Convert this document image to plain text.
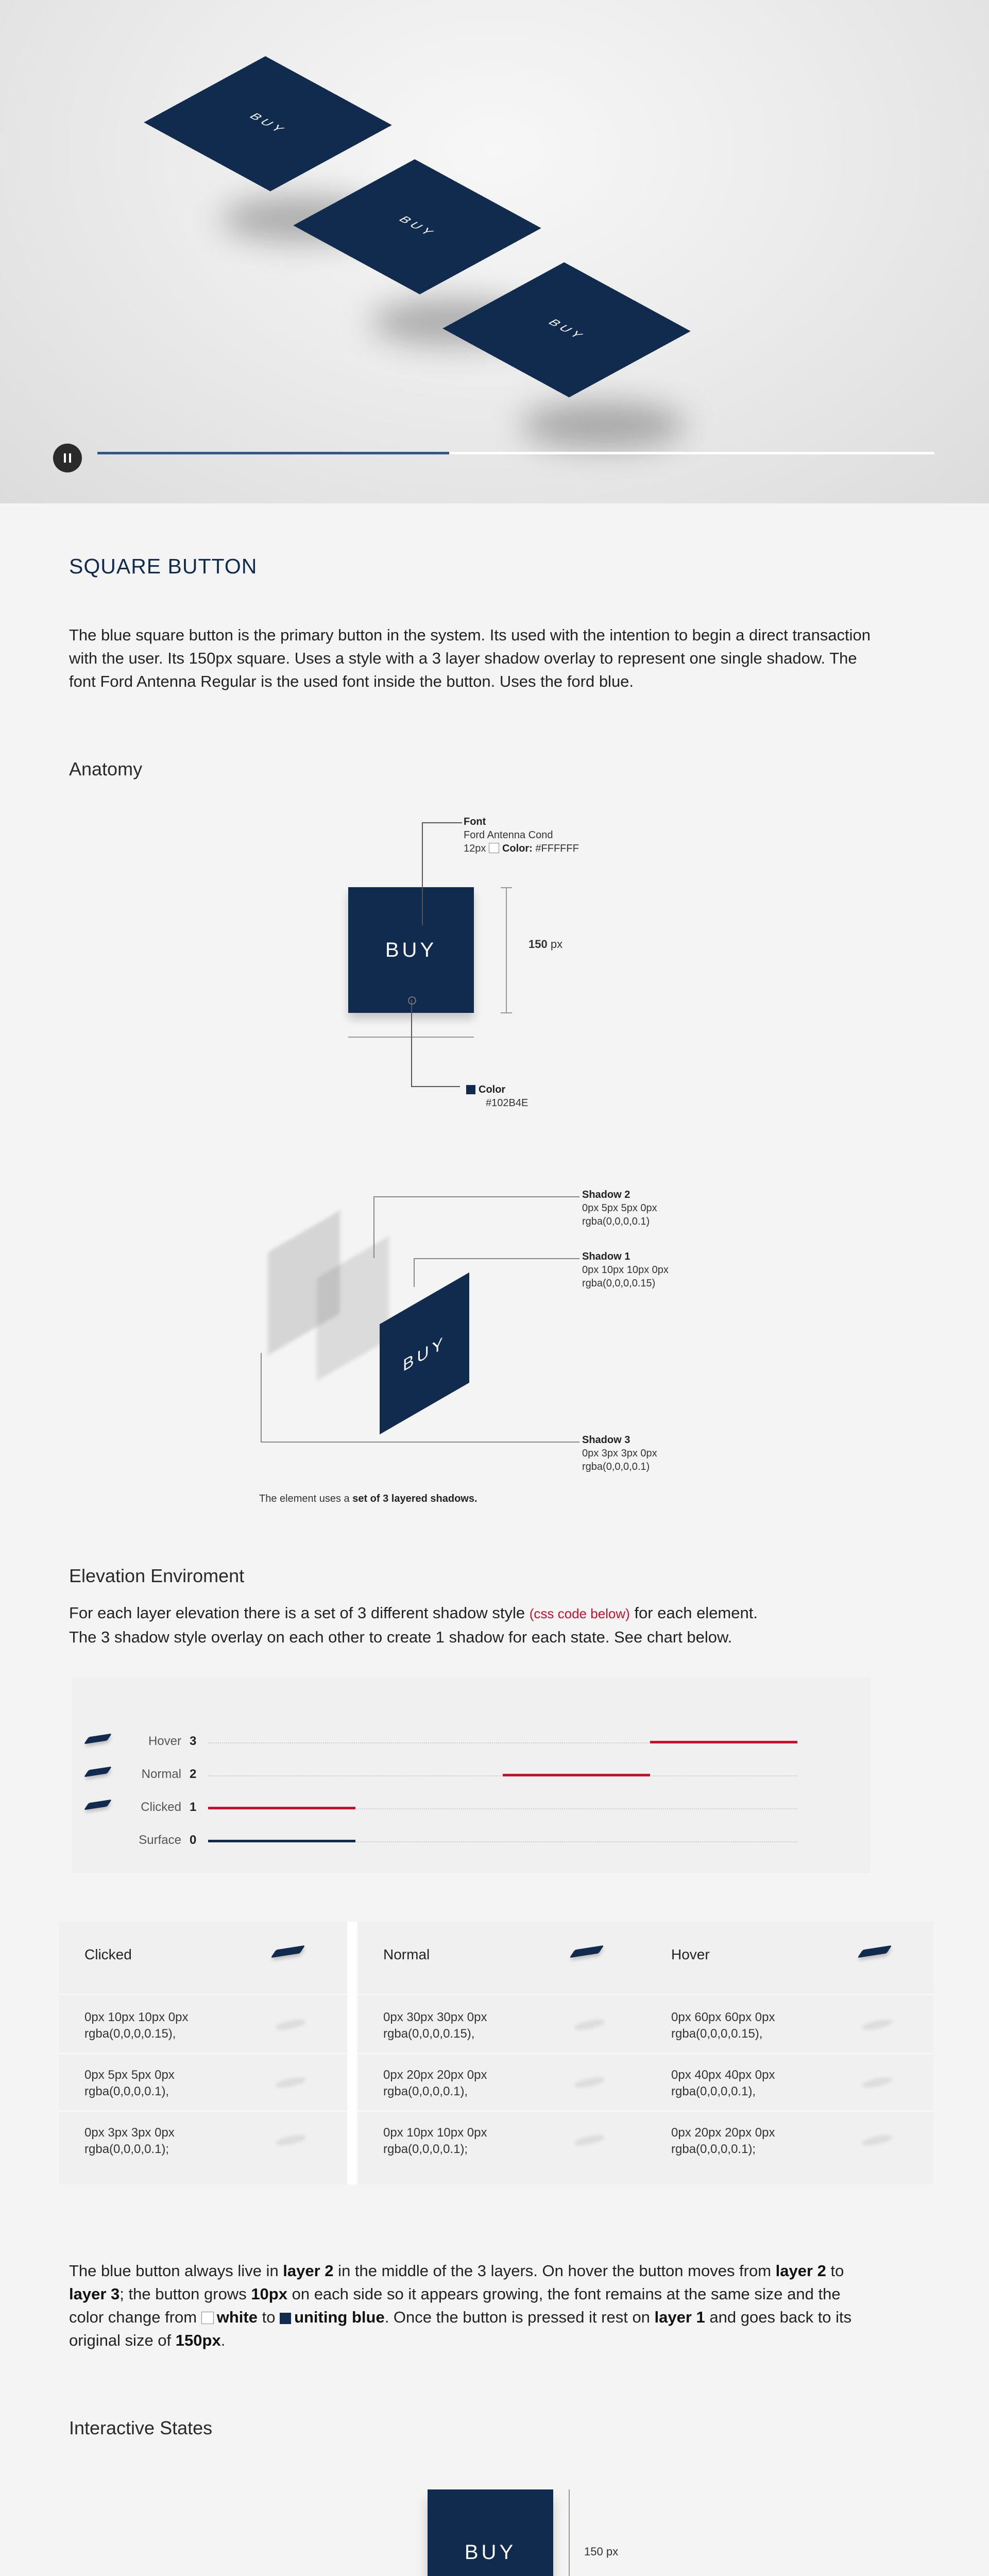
BUY
BUY
BUY
SQUARE BUTTON
The blue square button is the primary button in the system. Its used with the intention to begin a direct transaction with the user. Its 150px square. Uses a style with a 3 layer shadow overlay to represent one single shadow. The font Ford Antenna Regular is the used font inside the button. Uses the ford blue.
Anatomy
BUY
Font
Ford Antenna Cond
12px Color: #FFFFFF
150 px
Color
#102B4E
BUY
Shadow 2
0px 5px 5px 0px
rgba(0,0,0,0.1)
Shadow 1
0px 10px 10px 0px
rgba(0,0,0,0.15)
Shadow 3
0px 3px 3px 0px
rgba(0,0,0,0.1)
The element uses a set of 3 layered shadows.
Elevation Enviroment
For each layer elevation there is a set of 3 different shadow style (css code below) for each element.
The 3 shadow style overlay on each other to create 1 shadow for each state. See chart below.
Hover 3
Normal 2
Clicked 1
Surface 0
The blue button always live in layer 2 in the middle of the 3 layers. On hover the button moves from layer 2 to layer 3; the button grows 10px on each side so it appears growing, the font remains at the same size and the color change from white to uniting blue. Once the button is pressed it rest on layer 1 and goes back to its original size of 150px.
Interactive States
BUY	150 px

Clicked
0px 10px 10px 0px
rgba(0,0,0,0.15),
0px 5px 5px 0px
rgba(0,0,0,0.1),
0px 3px 3px 0px
rgba(0,0,0,0.1);
Normal
0px 30px 30px 0px
rgba(0,0,0,0.15),
0px 20px 20px 0px
rgba(0,0,0,0.1),
0px 10px 10px 0px
rgba(0,0,0,0.1);
Hover
0px 60px 60px 0px
rgba(0,0,0,0.15),
0px 40px 40px 0px
rgba(0,0,0,0.1),
0px 20px 20px 0px
rgba(0,0,0,0.1);
